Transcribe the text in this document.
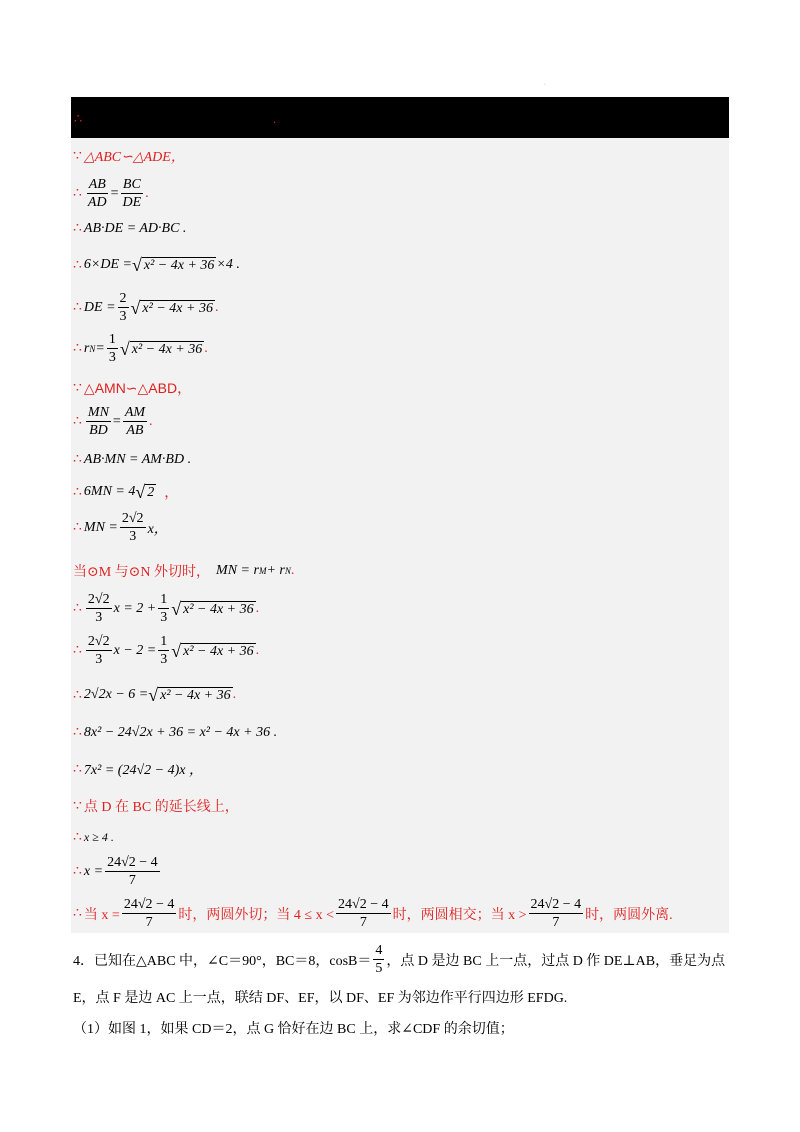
·
∴	.
∵ △ABC∽△ADE，
∴ $\frac{AB}{AD} = \frac{BC}{DE}$ .
∴ AB·DE = AD·BC .
∴ 6×DE = √ x² − 4x + 36 ×4 .
∴ DE = $\frac{2}{3}$ √ x² − 4x + 36 .
∴ r $N = \frac{1}{3}$ √ x² − 4x + 36 .
∵ △AMN∽△ABD，
∴ $\frac{MN}{BD} = \frac{AM}{AB}$ .
∴ AB·MN = AM·BD .
∴ 6MN = 4 √ 2 ，
∴ MN = $\frac{2√2}{3}$ x，
当⊙M 与⊙N 外切时， MN = r M + r N .
∴ $\frac{2√2}{3}$ $x = 2 + \frac{1}{3}$ √ x² − 4x + 36 .
∴ $\frac{2√2}{3}$ $x - 2 = \frac{1}{3}$ √ x² − 4x + 36 .
∴ 2√2x − 6 = √ x² − 4x + 36 .
∴ 8x² − 24√2x + 36 = x² − 4x + 36 .
∴ 7x² = (24√2 − 4)x ，
∵ 点 D 在 BC 的延长线上，
∴ x ≥ 4 .
∴ $x = \frac{24√2 - 4}{7}$
∴ 当 $x = \frac{24√2 - 4}{7}$ 时，两圆外切；当 $4 \le x < \frac{24√2 - 4}{7}$ 时，两圆相交；当 $x > \frac{24√2 - 4}{7}$ 时，两圆外离.
4．已知在△ABC 中，∠C＝90°，BC＝8，$\cos B= \frac{4}{5}$ ，点 D 是边 BC 上一点，过点 D 作 DE⊥AB，垂足为点
E，点 F 是边 AC 上一点，联结 DF、EF，以 DF、EF 为邻边作平行四边形 EFDG.
（1）如图 1，如果 CD＝2，点 G 恰好在边 BC 上，求∠CDF 的余切值；
